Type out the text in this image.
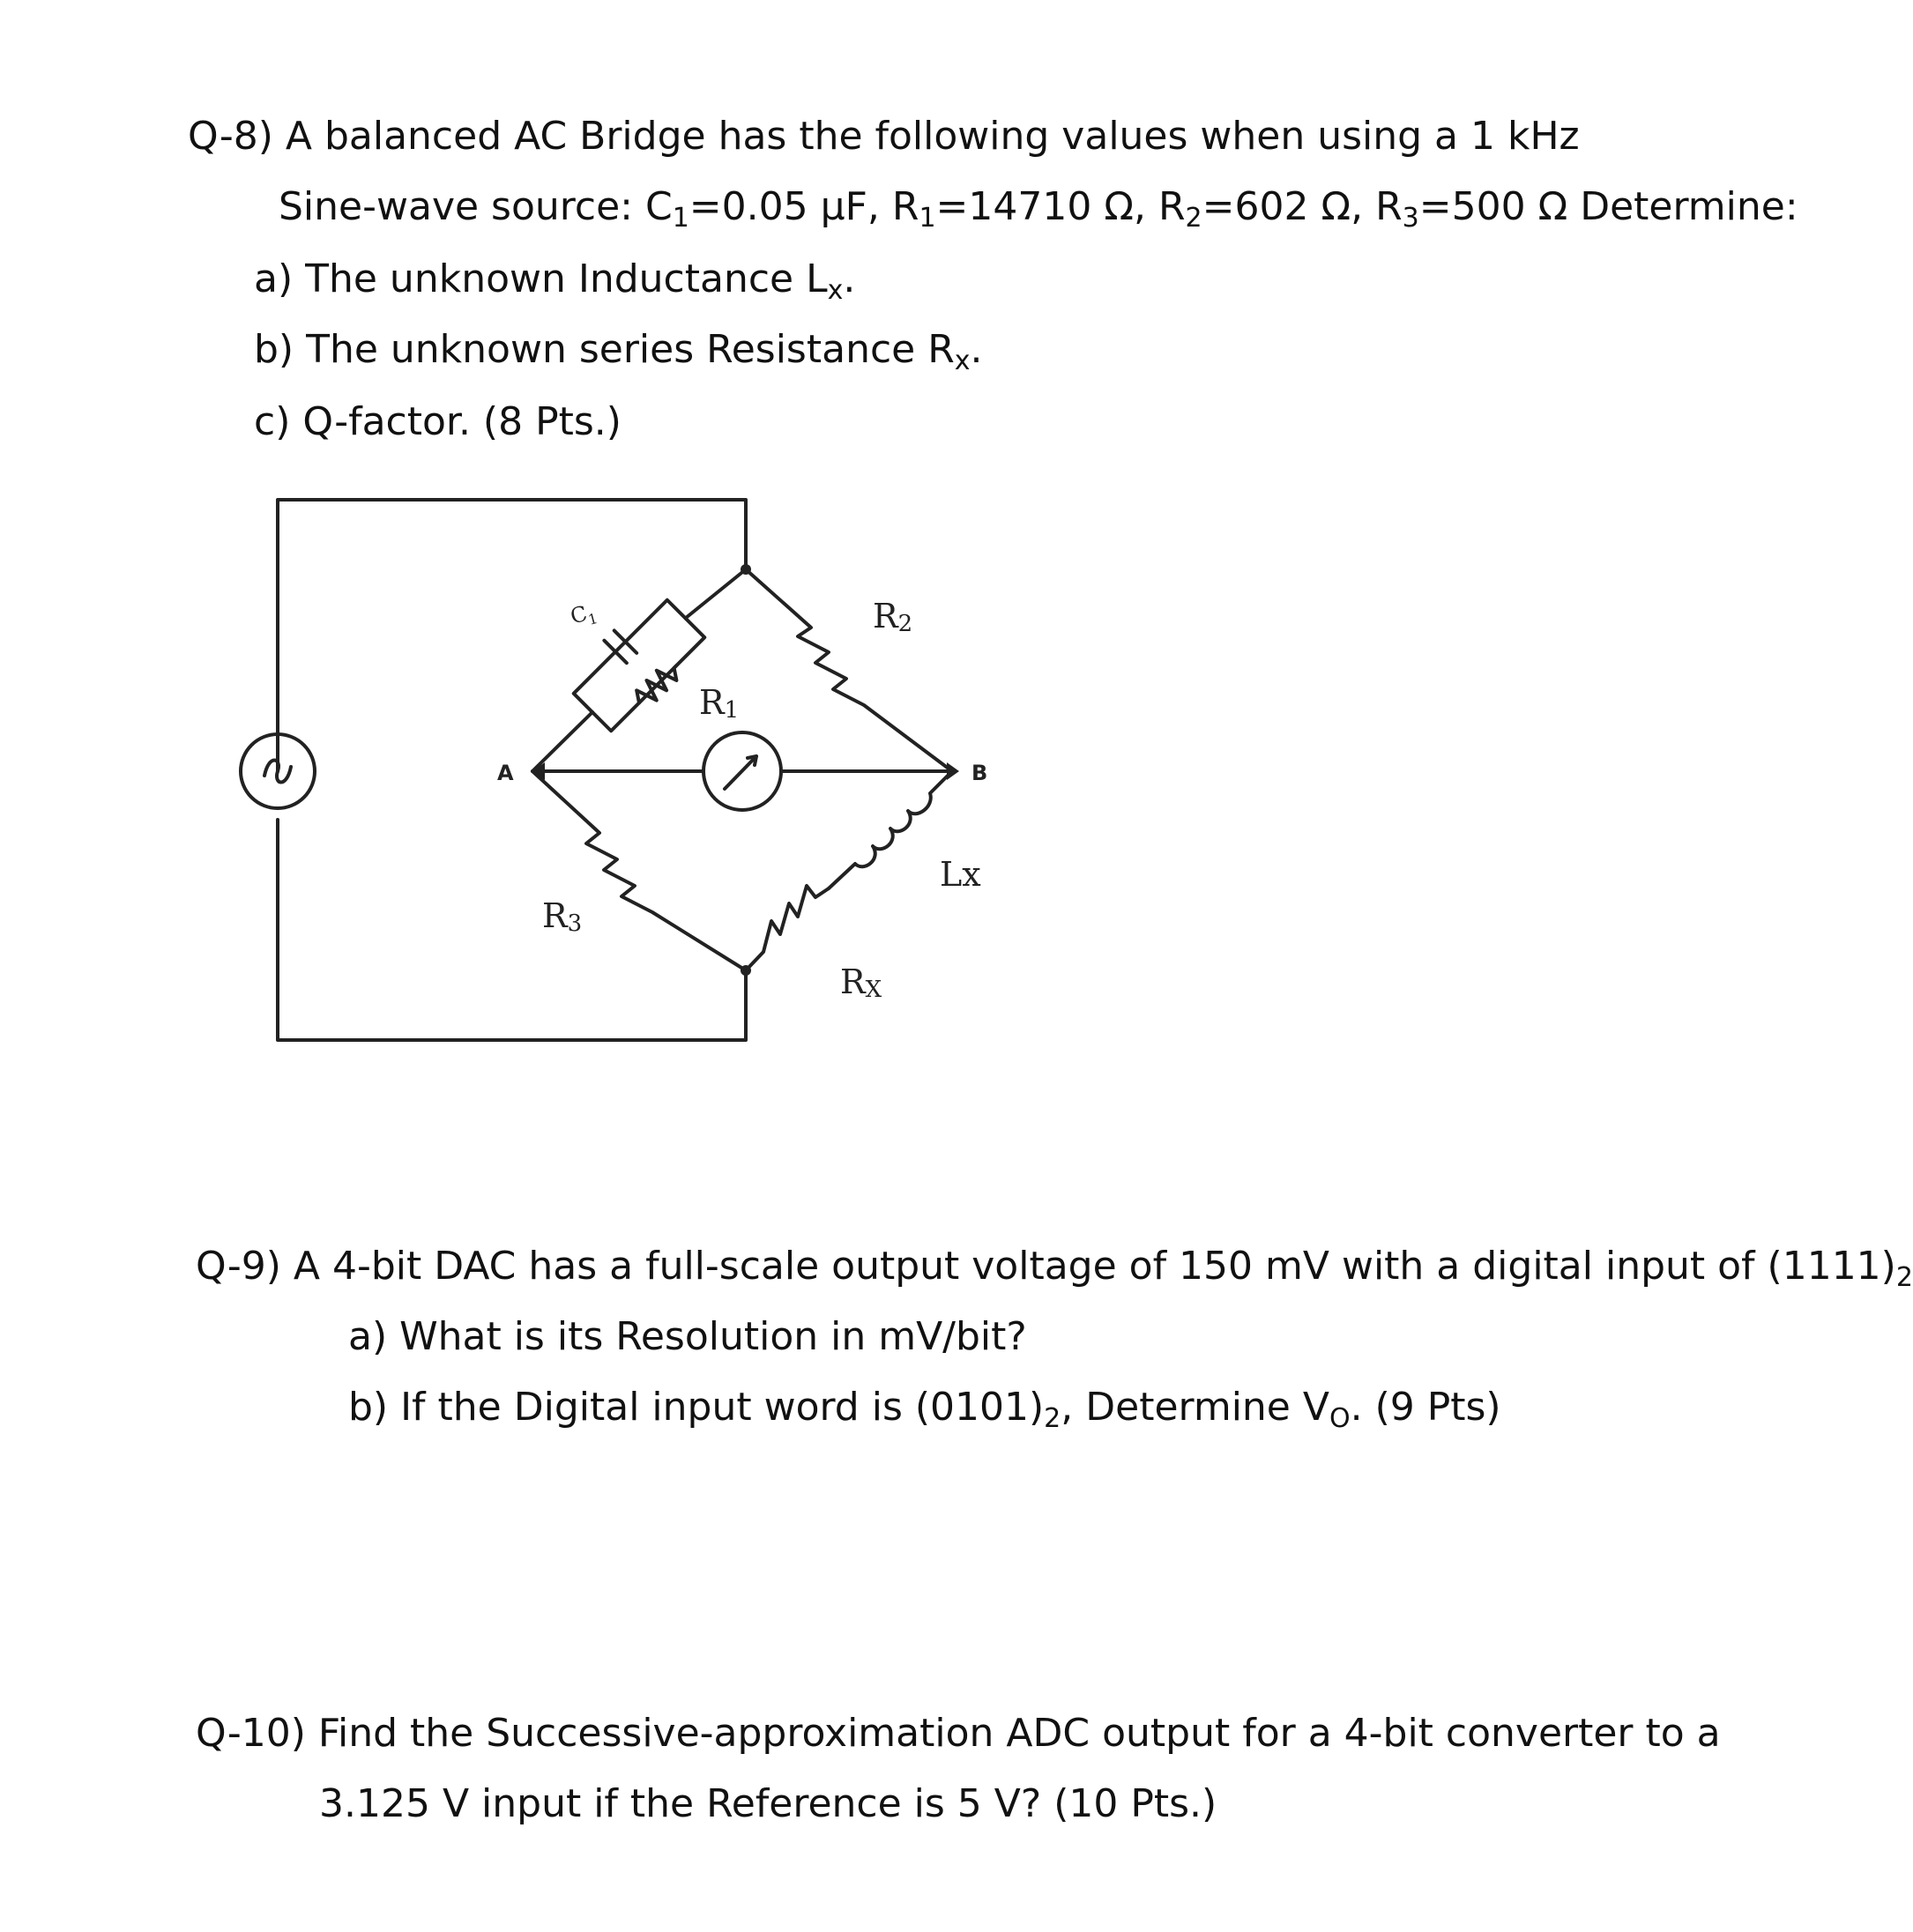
Q-8) A balanced AC Bridge has the following values when using a 1 kHz
Sine-wave source: $C_1=0.05$ μF, $R_1=14710$ Ω, $R_2=602$ Ω, $R_3=500$ Ω Determine:
a) The unknown Inductance $L_x$.
b) The unknown series Resistance $R_x$.
c) Q-factor. (8 Pts.)
$C_1$
R1
R2
R3
Lx
RX
A	B
Q-9) A 4-bit DAC has a full-scale output voltage of 150 mV with a digital input of $(1111)_2$
a) What is its Resolution in mV/bit?
b) If the Digital input word is $(0101)_2$, Determine $V_O$. (9 Pts)
Q-10) Find the Successive-approximation ADC output for a 4-bit converter to a
3.125 V input if the Reference is 5 V? (10 Pts.)
